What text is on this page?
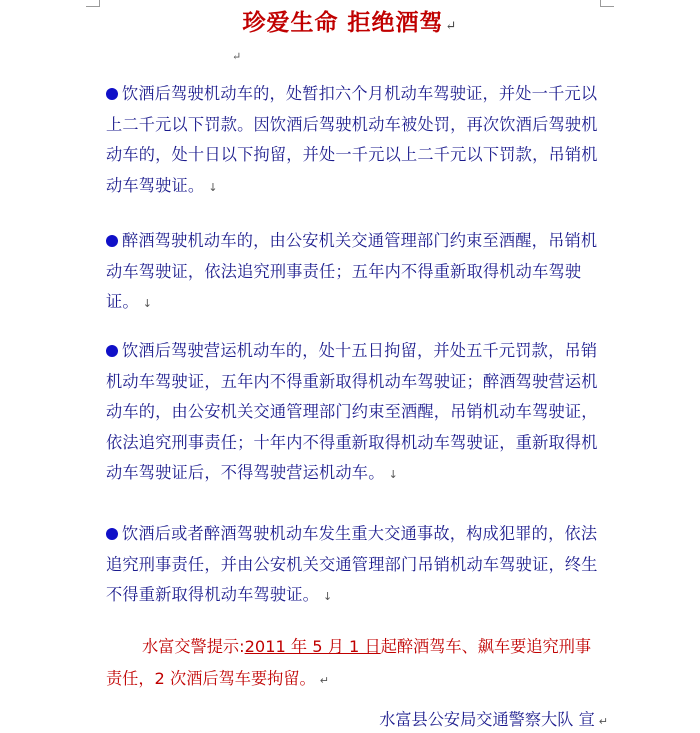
珍爱生命 拒绝酒驾 ↵
↵
饮酒后驾驶机动车的，处暂扣六个月机动车驾驶证，并处一千元以上二千元以下罚款。因饮酒后驾驶机动车被处罚，再次饮酒后驾驶机动车的，处十日以下拘留，并处一千元以上二千元以下罚款，吊销机动车驾驶证。 ↓
醉酒驾驶机动车的，由公安机关交通管理部门约束至酒醒，吊销机动车驾驶证，依法追究刑事责任；五年内不得重新取得机动车驾驶证。 ↓
饮酒后驾驶营运机动车的，处十五日拘留，并处五千元罚款，吊销机动车驾驶证，五年内不得重新取得机动车驾驶证；醉酒驾驶营运机动车的，由公安机关交通管理部门约束至酒醒，吊销机动车驾驶证，依法追究刑事责任；十年内不得重新取得机动车驾驶证，重新取得机动车驾驶证后，不得驾驶营运机动车。 ↓
饮酒后或者醉酒驾驶机动车发生重大交通事故，构成犯罪的，依法追究刑事责任，并由公安机关交通管理部门吊销机动车驾驶证，终生不得重新取得机动车驾驶证。 ↓
水富交警提示:2011 年 5 月 1 日起醉酒驾车、飙车要追究刑事责任，2 次酒后驾车要拘留。 ↵
水富县公安局交通警察大队 宣 ↵
